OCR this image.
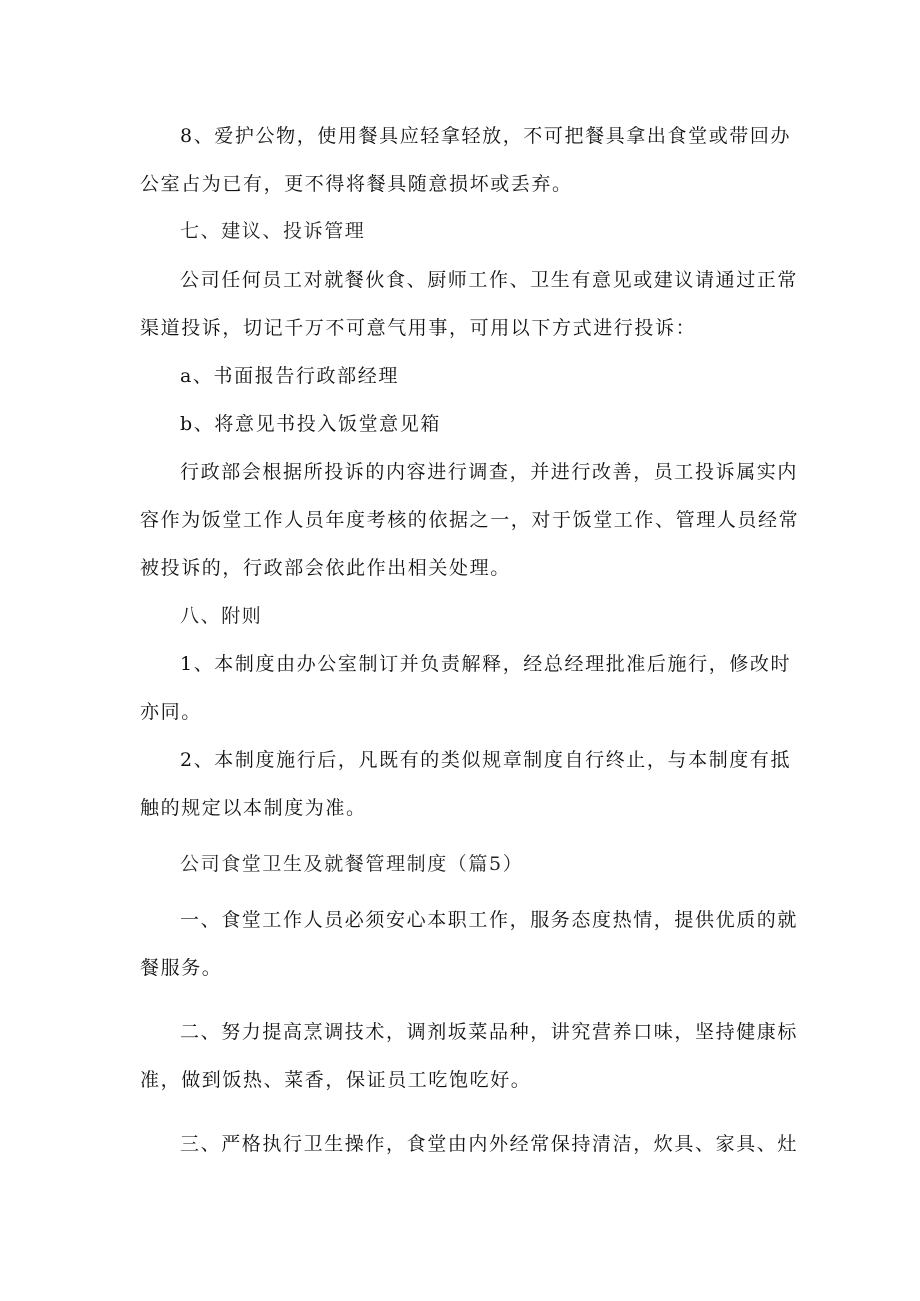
8、爱护公物，使用餐具应轻拿轻放，不可把餐具拿出食堂或带回办
公室占为已有，更不得将餐具随意损坏或丢弃。
七、建议、投诉管理
公司任何员工对就餐伙食、厨师工作、卫生有意见或建议请通过正常
渠道投诉，切记千万不可意气用事，可用以下方式进行投诉：
a、书面报告行政部经理
b、将意见书投入饭堂意见箱
行政部会根据所投诉的内容进行调查，并进行改善，员工投诉属实内
容作为饭堂工作人员年度考核的依据之一，对于饭堂工作、管理人员经常
被投诉的，行政部会依此作出相关处理。
八、附则
1、本制度由办公室制订并负责解释，经总经理批准后施行，修改时
亦同。
2、本制度施行后，凡既有的类似规章制度自行终止，与本制度有抵
触的规定以本制度为准。
公司食堂卫生及就餐管理制度（篇5）
一、食堂工作人员必须安心本职工作，服务态度热情，提供优质的就
餐服务。
二、努力提高烹调技术，调剂坂菜品种，讲究营养口味，坚持健康标
准，做到饭热、菜香，保证员工吃饱吃好。
三、严格执行卫生操作，食堂由内外经常保持清洁，炊具、家具、灶
